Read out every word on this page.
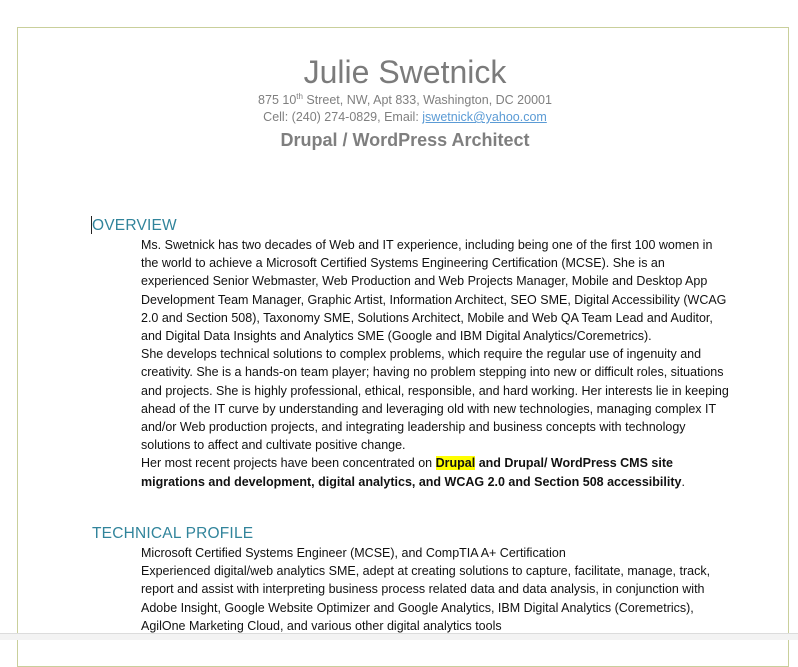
Julie Swetnick
875 10th Street, NW, Apt 833, Washington, DC 20001
Cell: (240) 274-0829, Email: jswetnick@yahoo.com
Drupal / WordPress Architect
OVERVIEW

Ms. Swetnick has two decades of Web and IT experience, including being one of the first 100 women in the world to achieve a Microsoft Certified Systems Engineering Certification (MCSE). She is an experienced Senior Webmaster, Web Production and Web Projects Manager, Mobile and Desktop App Development Team Manager, Graphic Artist, Information Architect, SEO SME, Digital Accessibility (WCAG 2.0 and Section 508), Taxonomy SME, Solutions Architect, Mobile and Web QA Team Lead and Auditor, and Digital Data Insights and Analytics SME (Google and IBM Digital Analytics/Coremetrics).

She develops technical solutions to complex problems, which require the regular use of ingenuity and creativity. She is a hands-on team player; having no problem stepping into new or difficult roles, situations and projects. She is highly professional, ethical, responsible, and hard working. Her interests lie in keeping ahead of the IT curve by understanding and leveraging old with new technologies, managing complex IT and/or Web production projects, and integrating leadership and business concepts with technology solutions to affect and cultivate positive change.

Her most recent projects have been concentrated on Drupal and Drupal/ WordPress CMS site migrations and development, digital analytics, and WCAG 2.0 and Section 508 accessibility.

TECHNICAL PROFILE

Microsoft Certified Systems Engineer (MCSE), and CompTIA A+ Certification

Experienced digital/web analytics SME, adept at creating solutions to capture, facilitate, manage, track, report and assist with interpreting business process related data and data analysis, in conjunction with Adobe Insight, Google Website Optimizer and Google Analytics, IBM Digital Analytics (Coremetrics), AgilOne Marketing Cloud, and various other digital analytics tools
